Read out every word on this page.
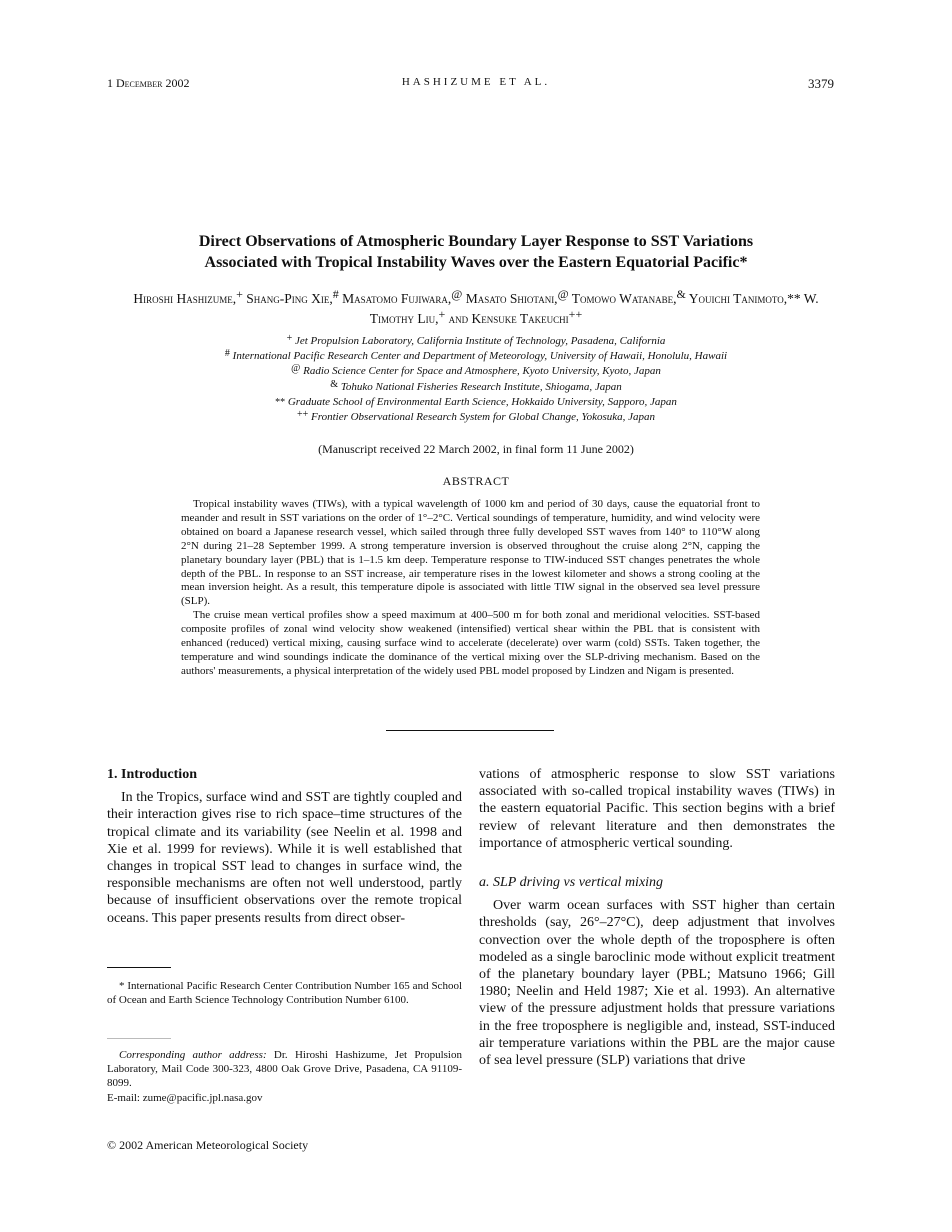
1 December 2002	HASHIZUME ET AL.	3379
Direct Observations of Atmospheric Boundary Layer Response to SST Variations
Associated with Tropical Instability Waves over the Eastern Equatorial Pacific*
Hiroshi Hashizume,+ Shang-Ping Xie,# Masatomo Fujiwara,@ Masato Shiotani,@ Tomowo Watanabe,& Youichi Tanimoto,** W. Timothy Liu,+ and Kensuke Takeuchi++
+ Jet Propulsion Laboratory, California Institute of Technology, Pasadena, California
# International Pacific Research Center and Department of Meteorology, University of Hawaii, Honolulu, Hawaii
@ Radio Science Center for Space and Atmosphere, Kyoto University, Kyoto, Japan
& Tohuko National Fisheries Research Institute, Shiogama, Japan
** Graduate School of Environmental Earth Science, Hokkaido University, Sapporo, Japan
++ Frontier Observational Research System for Global Change, Yokosuka, Japan
(Manuscript received 22 March 2002, in final form 11 June 2002)
ABSTRACT

Tropical instability waves (TIWs), with a typical wavelength of 1000 km and period of 30 days, cause the equatorial front to meander and result in SST variations on the order of 1°–2°C. Vertical soundings of temperature, humidity, and wind velocity were obtained on board a Japanese research vessel, which sailed through three fully developed SST waves from 140° to 110°W along 2°N during 21–28 September 1999. A strong temperature inversion is observed throughout the cruise along 2°N, capping the planetary boundary layer (PBL) that is 1–1.5 km deep. Temperature response to TIW-induced SST changes penetrates the whole depth of the PBL. In response to an SST increase, air temperature rises in the lowest kilometer and shows a strong cooling at the mean inversion height. As a result, this temperature dipole is associated with little TIW signal in the observed sea level pressure (SLP).

The cruise mean vertical profiles show a speed maximum at 400–500 m for both zonal and meridional velocities. SST-based composite profiles of zonal wind velocity show weakened (intensified) vertical shear within the PBL that is consistent with enhanced (reduced) vertical mixing, causing surface wind to accelerate (decelerate) over warm (cold) SSTs. Taken together, the temperature and wind soundings indicate the dominance of the vertical mixing over the SLP-driving mechanism. Based on the authors' measurements, a physical interpretation of the widely used PBL model proposed by Lindzen and Nigam is presented.

1. Introduction

In the Tropics, surface wind and SST are tightly coupled and their interaction gives rise to rich space–time structures of the tropical climate and its variability (see Neelin et al. 1998 and Xie et al. 1999 for reviews). While it is well established that changes in tropical SST lead to changes in surface wind, the responsible mechanisms are often not well understood, partly because of insufficient observations over the remote tropical oceans. This paper presents results from direct obser-

vations of atmospheric response to slow SST variations associated with so-called tropical instability waves (TIWs) in the eastern equatorial Pacific. This section begins with a brief review of relevant literature and then demonstrates the importance of atmospheric vertical sounding.

a. SLP driving vs vertical mixing

Over warm ocean surfaces with SST higher than certain thresholds (say, 26°–27°C), deep adjustment that involves convection over the whole depth of the troposphere is often modeled as a single baroclinic mode without explicit treatment of the planetary boundary layer (PBL; Matsuno 1966; Gill 1980; Neelin and Held 1987; Xie et al. 1993). An alternative view of the pressure adjustment holds that pressure variations in the free troposphere is negligible and, instead, SST-induced air temperature variations within the PBL are the major cause of sea level pressure (SLP) variations that drive

* International Pacific Research Center Contribution Number 165 and School of Ocean and Earth Science Technology Contribution Number 6100.

Corresponding author address: Dr. Hiroshi Hashizume, Jet Propulsion Laboratory, Mail Code 300-323, 4800 Oak Grove Drive, Pasadena, CA 91109-8099.

E-mail: zume@pacific.jpl.nasa.gov

© 2002 American Meteorological Society
